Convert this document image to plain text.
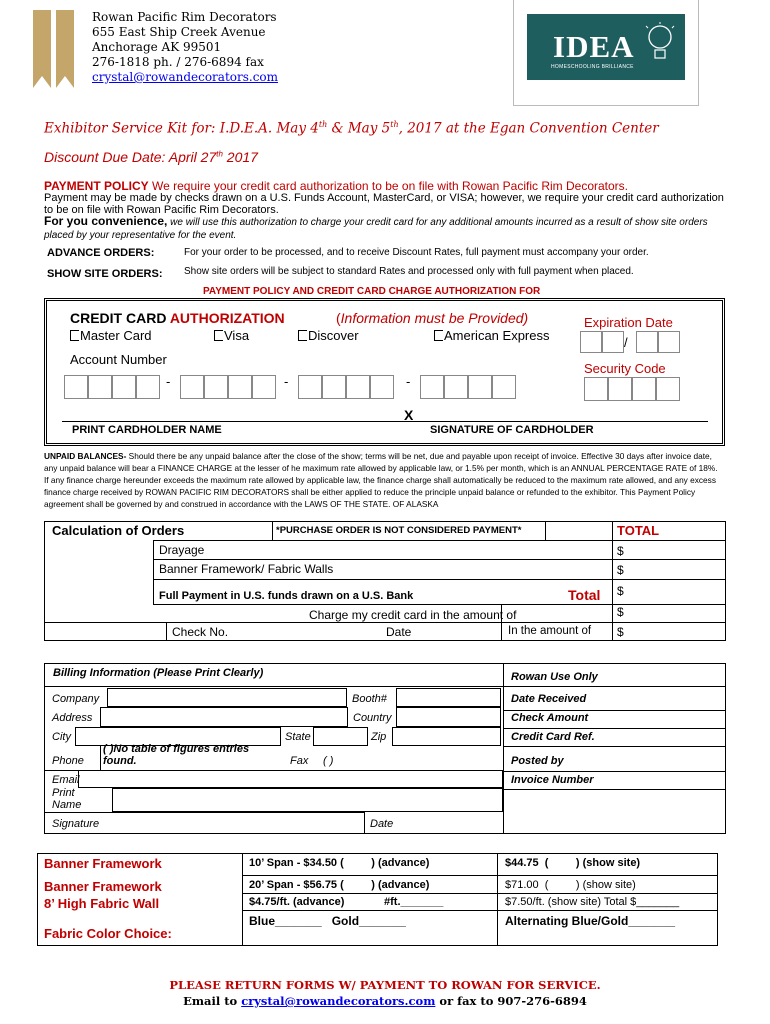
Rowan Pacific Rim Decorators
655 East Ship Creek Avenue
Anchorage AK 99501
276-1818 ph. / 276-6894 fax
crystal@rowandecorators.com
IDEA
HOMESCHOOLING BRILLIANCE
Exhibitor Service Kit for: I.D.E.A. May 4th & May 5th, 2017 at the Egan Convention Center
Discount Due Date: April 27th 2017
PAYMENT POLICY We require your credit card authorization to be on file with Rowan Pacific Rim Decorators.
Payment may be made by checks drawn on a U.S. Funds Account, MasterCard, or VISA; however, we require your credit card authorization to be on file with Rowan Pacific Rim Decorators.
For you convenience, we will use this authorization to charge your credit card for any additional amounts incurred as a result of show site orders placed by your representative for the event.
ADVANCE ORDERS:	For your order to be processed, and to receive Discount Rates, full payment must accompany your order.
SHOW SITE ORDERS: Show site orders will be subject to standard Rates and processed only with full payment when placed.
PAYMENT POLICY AND CREDIT CARD CHARGE AUTHORIZATION FOR
CREDIT CARD AUTHORIZATION	(Information must be Provided)
Master Card	Visa	Discover	American Express
Expiration Date
/
Account Number
Security Code
-	-	-
X
PRINT CARDHOLDER NAME	SIGNATURE OF CARDHOLDER
UNPAID BALANCES- Should there be any unpaid balance after the close of the show; terms will be net, due and payable upon receipt of invoice. Effective 30 days after invoice date, any unpaid balance will bear a FINANCE CHARGE at the lesser of he maximum rate allowed by applicable law, or 1.5% per month, which is an ANNUAL PERCENTAGE RATE of 18%. If any finance charge hereunder exceeds the maximum rate allowed by applicable law, the finance charge shall automatically be reduced to the maximum rate allowed, and any excess finance charge received by ROWAN PACIFIC RIM DECORATORS shall be either applied to reduce the principle unpaid balance or refunded to the exhibitor. This Payment Policy agreement shall be governed by and construed in accordance with the LAWS OF THE STATE. OF ALASKA
Calculation of Orders	*PURCHASE ORDER IS NOT CONSIDERED PAYMENT*	TOTAL
Drayage	$
Banner Framework/ Fabric Walls	$
Full Payment in U.S. funds drawn on a U.S. Bank	Total $
Charge my credit card in the amount of	$
Check No.	Date	In the amount of $
Billing Information (Please Print Clearly)	Rowan Use Only
Company	Booth#
Address	Country
City	State	Zip
Phone
( )No table of figures entries found.	Fax ( )
Email
Print Name
Signature	Date
Date Received
Check Amount
Credit Card Ref.
Posted by
Invoice Number
Banner Framework	10’ Span - $34.50 (         ) (advance)	$44.75  (         ) (show site)
Banner Framework	20’ Span - $56.75 (         ) (advance)	$71.00  (         ) (show site)
8’ High Fabric Wall	$4.75/ft. (advance)	#ft._______	$7.50/ft. (show site) Total $_______
Fabric Color Choice:
Blue_______   Gold_______	Alternating Blue/Gold_______
PLEASE RETURN FORMS W/ PAYMENT TO ROWAN FOR SERVICE.
Email to crystal@rowandecorators.com or fax to 907-276-6894
